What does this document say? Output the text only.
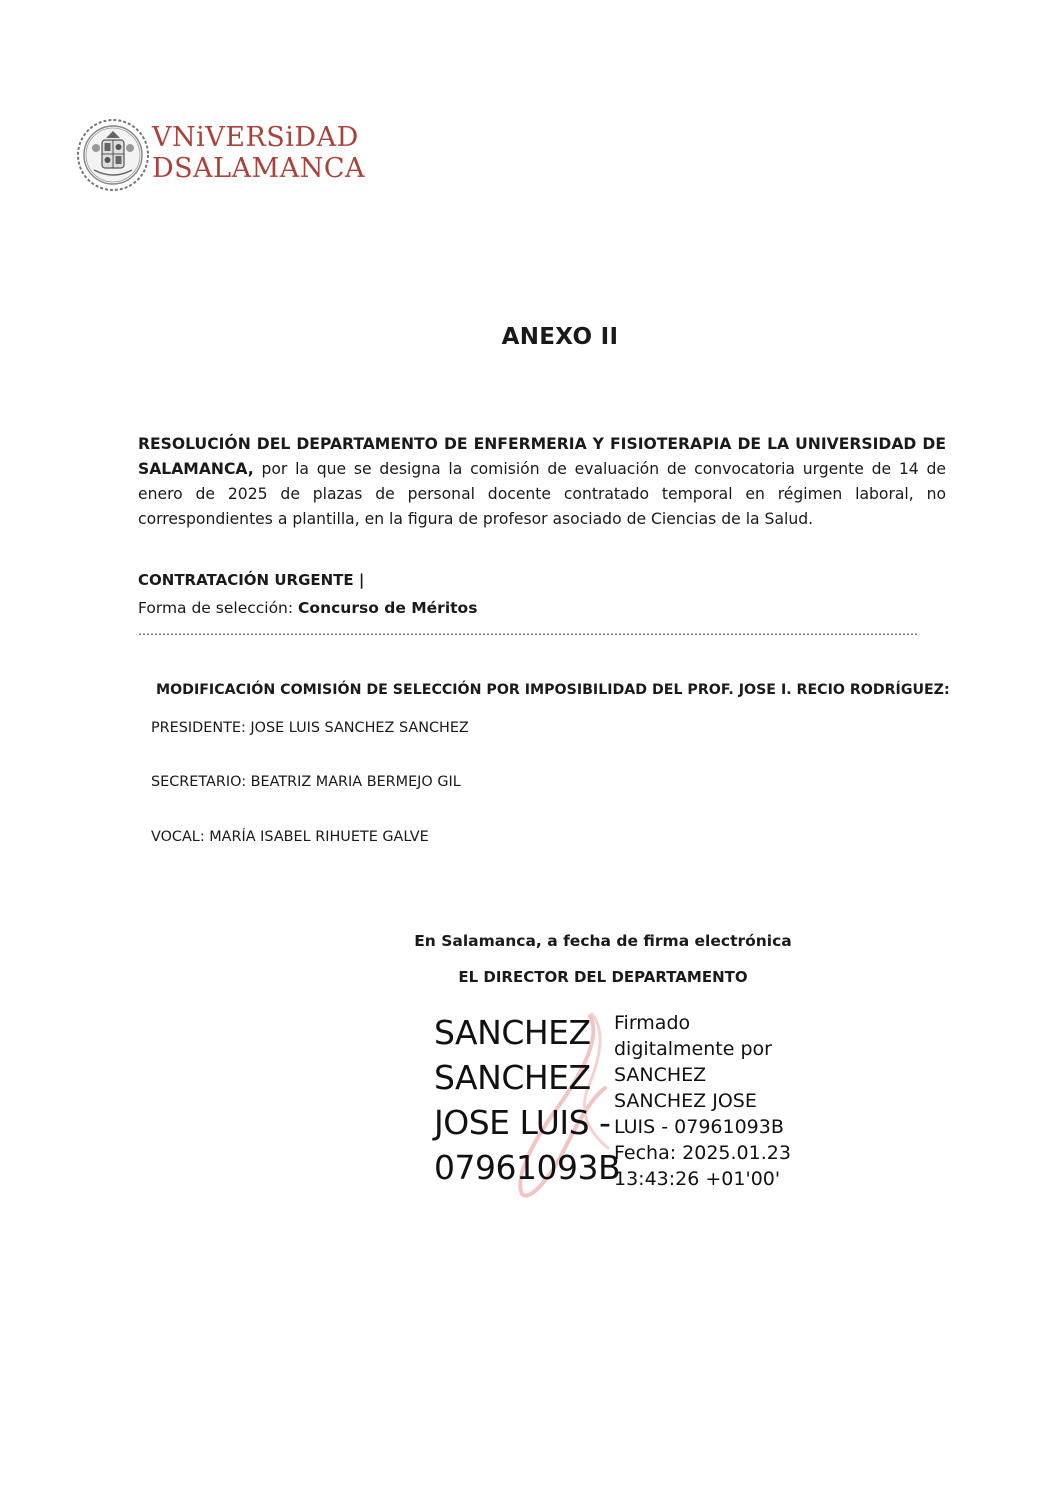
VNiVERSiDAD
DSALAMANCA
ANEXO II
RESOLUCIÓN DEL DEPARTAMENTO DE ENFERMERIA Y FISIOTERAPIA DE LA UNIVERSIDAD DE SALAMANCA, por la que se designa la comisión de evaluación de convocatoria urgente de 14 de enero de 2025 de plazas de personal docente contratado temporal en régimen laboral, no correspondientes a plantilla, en la figura de profesor asociado de Ciencias de la Salud.
CONTRATACIÓN URGENTE |
Forma de selección: Concurso de Méritos
……………………………………………………………………………………………………………………………………………………………………………
MODIFICACIÓN COMISIÓN DE SELECCIÓN POR IMPOSIBILIDAD DEL PROF. JOSE I. RECIO RODRÍGUEZ:
PRESIDENTE: JOSE LUIS SANCHEZ SANCHEZ
SECRETARIO: BEATRIZ MARIA BERMEJO GIL
VOCAL: MARÍA ISABEL RIHUETE GALVE
En Salamanca, a fecha de firma electrónica
EL DIRECTOR DEL DEPARTAMENTO
SANCHEZ
SANCHEZ
JOSE LUIS -
07961093B
Firmado
digitalmente por
SANCHEZ
SANCHEZ JOSE
LUIS - 07961093B
Fecha: 2025.01.23
13:43:26 +01'00'
